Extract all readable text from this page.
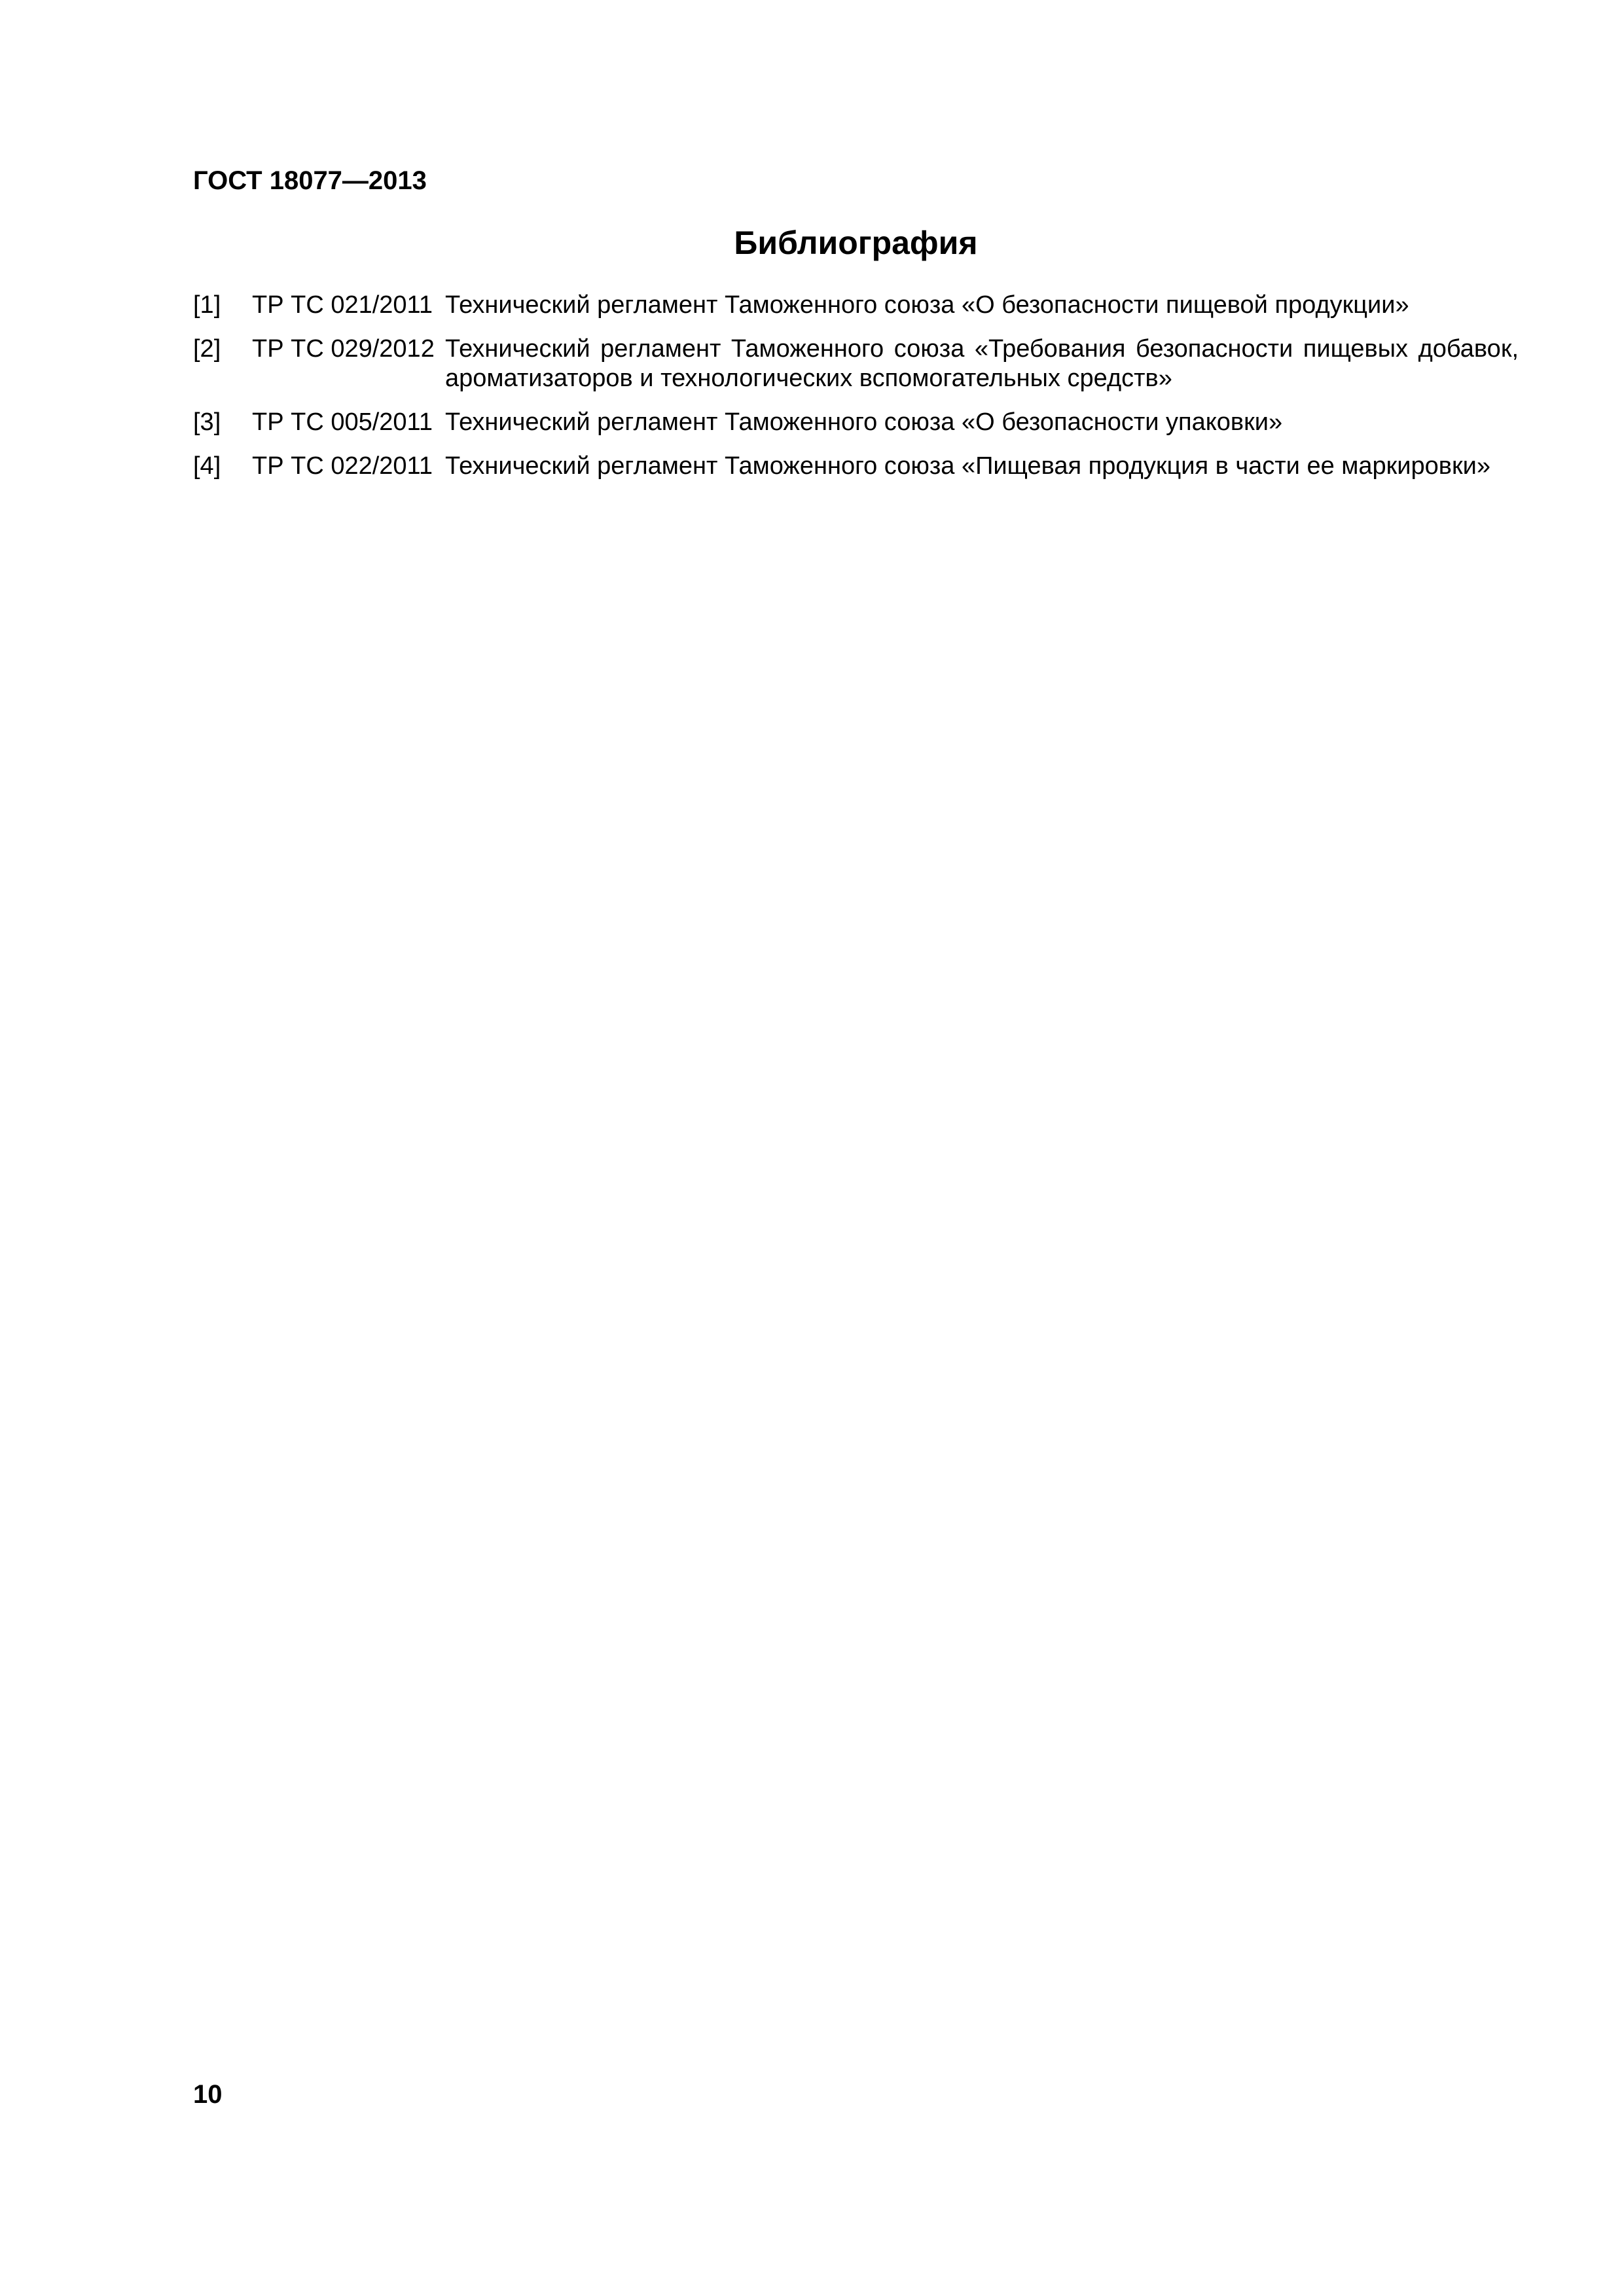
ГОСТ 18077—2013

Библиография
[1] ТР ТС 021/2011 Технический регламент Таможенного союза «О безопасности пищевой продукции»
[2] ТР ТС 029/2012 Технический регламент Таможенного союза «Требования безопасности пищевых добавок, ароматизаторов и технологических вспомогательных средств»
[3] ТР ТС 005/2011 Технический регламент Таможенного союза «О безопасности упаковки»
[4] ТР ТС 022/2011 Технический регламент Таможенного союза «Пищевая продукция в части ее маркировки»

10
